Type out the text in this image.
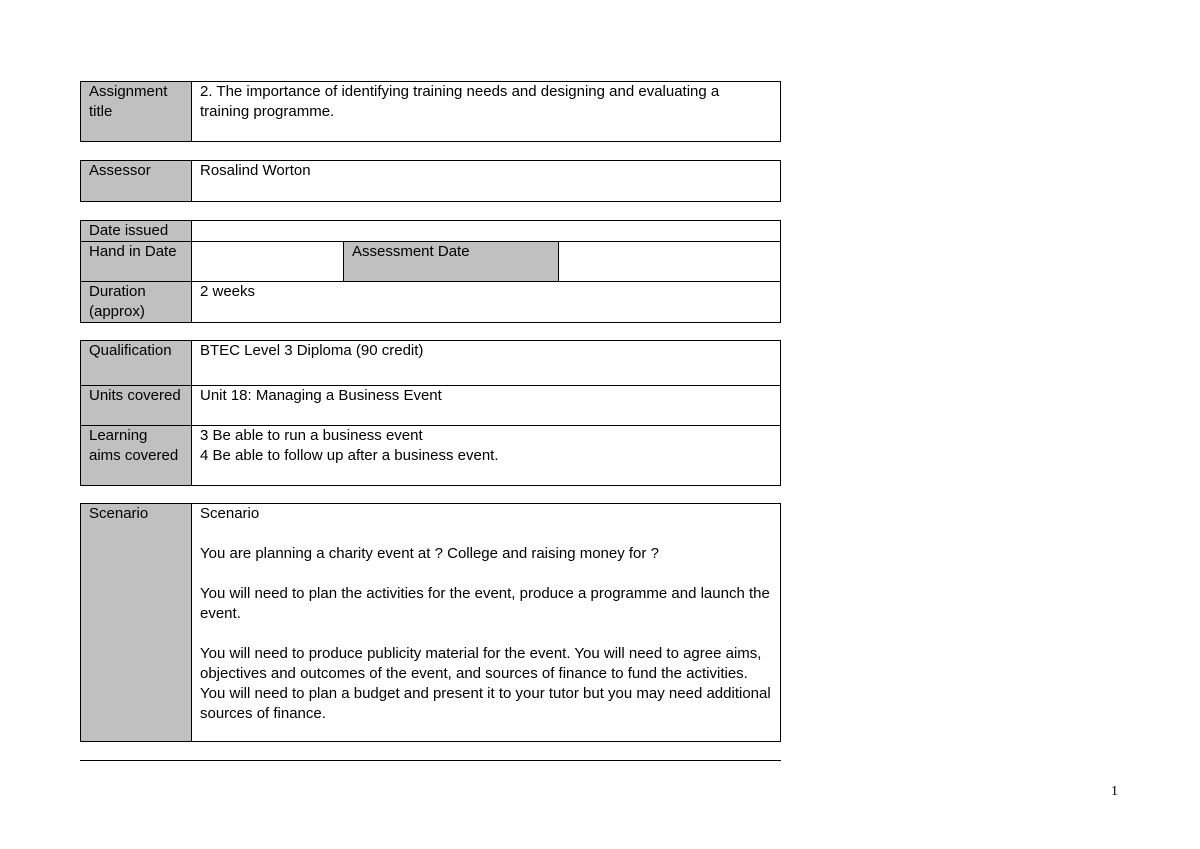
Assignment title	2. The importance of identifying training needs and designing and evaluating a training programme.
Assessor	Rosalind Worton
Date issued			
Hand in Date		Assessment Date	
Duration (approx)	2 weeks		
Qualification	BTEC Level 3 Diploma (90 credit)
Units covered	Unit 18: Managing a Business Event
Learning aims covered	3 Be able to run a business event
4 Be able to follow up after a business event.
Scenario	Scenario

You are planning a charity event at ? College and raising money for ?

You will need to plan the activities for the event, produce a programme and launch the event.

You will need to produce publicity material for the event. You will need to agree aims, objectives and outcomes of the event, and sources of finance to fund the activities. You will need to plan a budget and present it to your tutor but you may need additional sources of finance.

1
